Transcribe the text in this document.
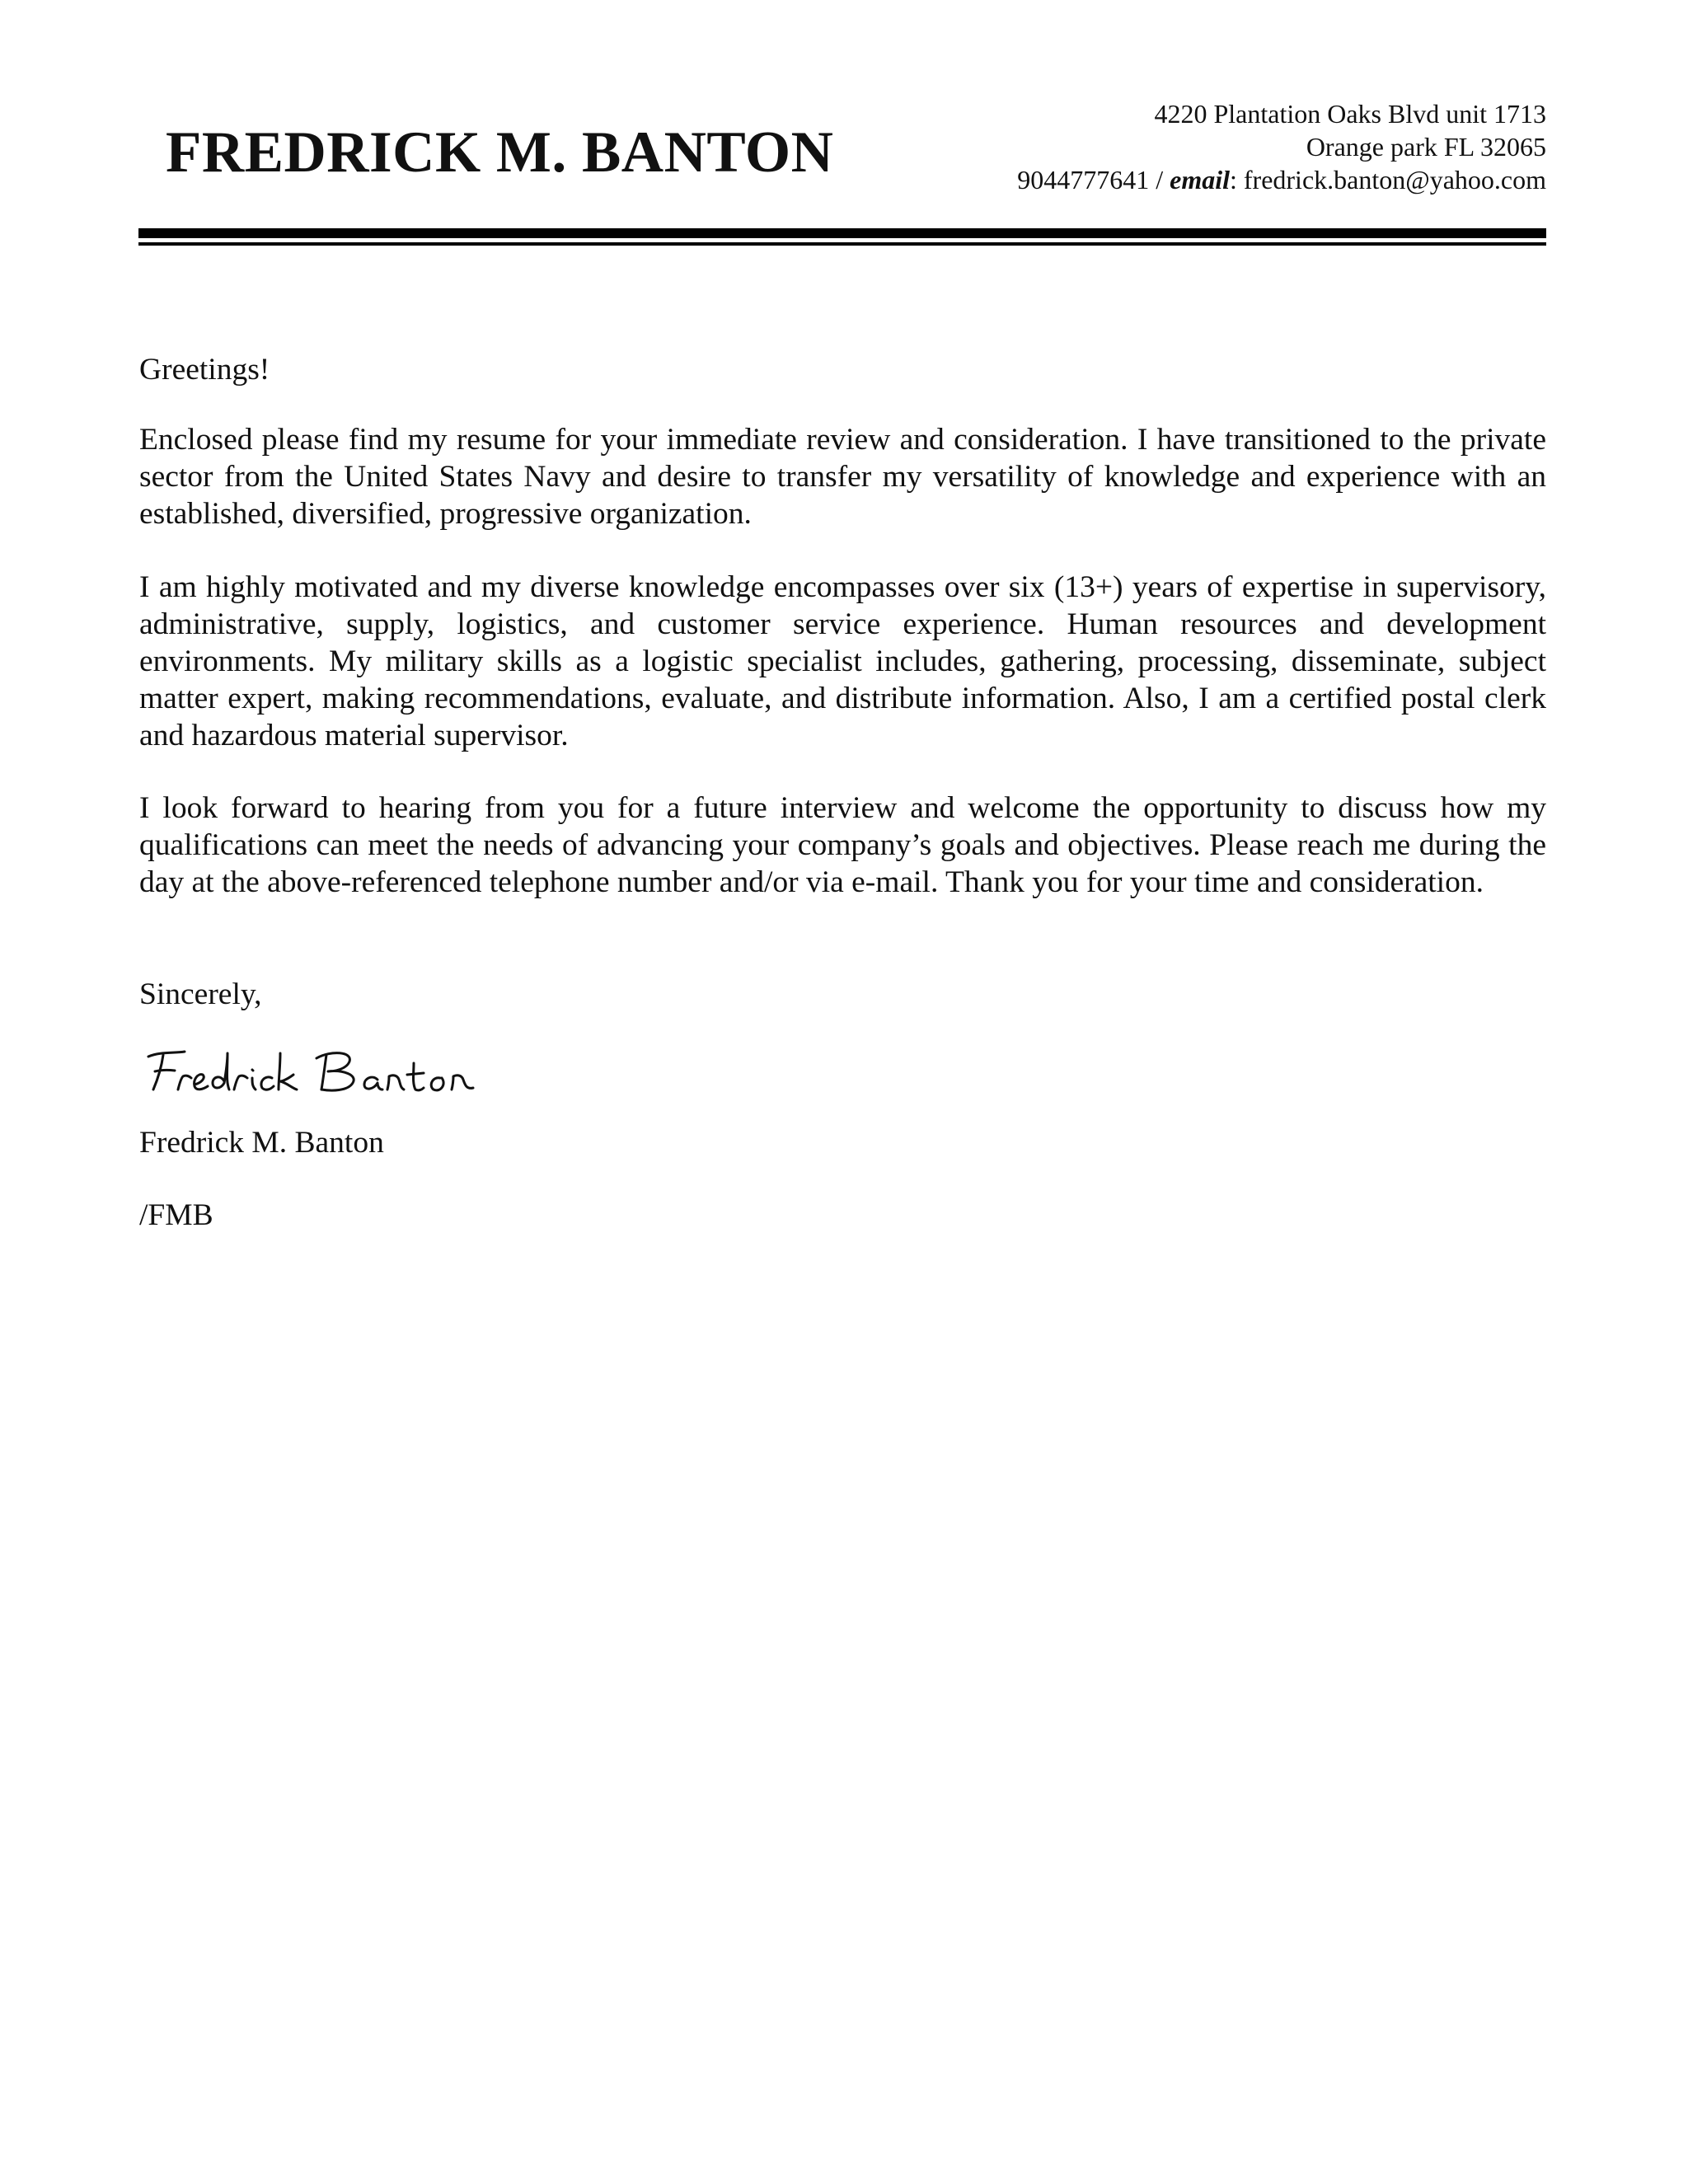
FREDRICK M. BANTON
4220 Plantation Oaks Blvd unit 1713
Orange park FL 32065
9044777641 / email: fredrick.banton@yahoo.com
Greetings!
Enclosed please find my resume for your immediate review and consideration. I have transitioned to the private sector from the United States Navy and desire to transfer my versatility of knowledge and experience with an established, diversified, progressive organization.
I am highly motivated and my diverse knowledge encompasses over six (13+) years of expertise in supervisory, administrative, supply, logistics, and customer service experience. Human resources and development environments. My military skills as a logistic specialist includes, gathering, processing, disseminate, subject matter expert, making recommendations, evaluate, and distribute information. Also, I am a certified postal clerk and hazardous material supervisor.
I look forward to hearing from you for a future interview and welcome the opportunity to discuss how my qualifications can meet the needs of advancing your company’s goals and objectives. Please reach me during the day at the above-referenced telephone number and/or via e-mail. Thank you for your time and consideration.
Sincerely,
Fredrick M. Banton
/FMB
